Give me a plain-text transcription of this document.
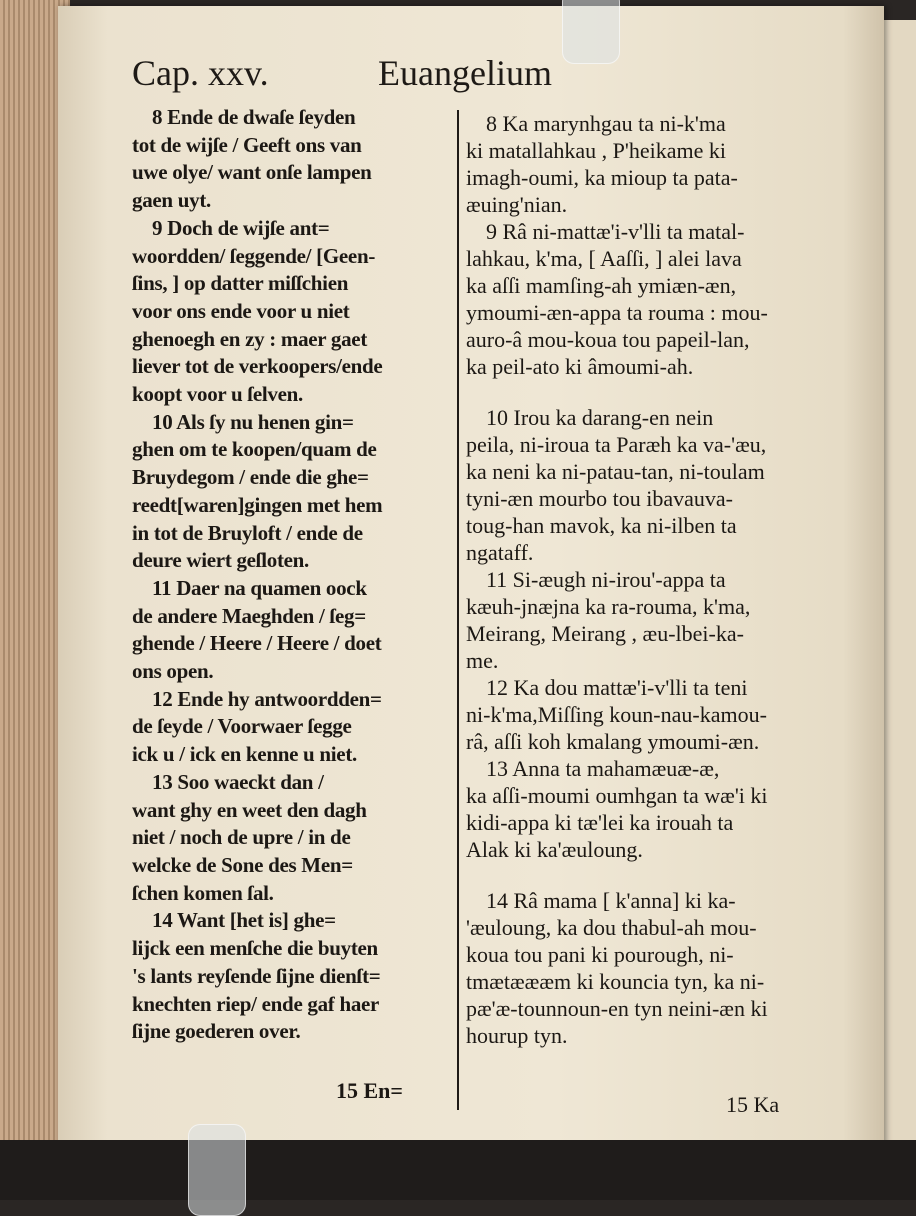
Cap. xxv.	Euangelium
8 Ende de dwaſe ſeyden
tot de wijſe / Geeft ons van
uwe olye/ want onſe lampen
gaen uyt.
9 Doch de wijſe ant=
woordden/ ſeggende/ [Geen-
ſins, ] op datter miſſchien
voor ons ende voor u niet
ghenoegh en zy : maer gaet
liever tot de verkoopers/ende
koopt voor u ſelven.
10 Als ſy nu henen gin=
ghen om te koopen/quam de
Bruydegom / ende die ghe=
reedt[waren]gingen met hem
in tot de Bruyloft / ende de
deure wiert geſloten.
11 Daer na quamen oock
de andere Maeghden / ſeg=
ghende / Heere / Heere / doet
ons open.
12 Ende hy antwoordden=
de ſeyde / Voorwaer ſegge
ick u / ick en kenne u niet.
13 Soo waeckt dan /
want ghy en weet den dagh
niet / noch de upre / in de
welcke de Sone des Men=
ſchen komen ſal.
14 Want [het is] ghe=
lijck een menſche die buyten
's lants reyſende ſijne dienſt=
knechten riep/ ende gaf haer
ſijne goederen over.
8 Ka marynhgau ta ni-k'ma
ki matallahkau , P'heikame ki
imagh-oumi, ka mioup ta pata-
æuing'nian.
9 Râ ni-mattæ'i-v'lli ta matal-
lahkau, k'ma, [ Aaſſi, ] alei lava
ka aſſi mamſing-ah ymiæn-æn,
ymoumi-æn-appa ta rouma : mou-
auro-â mou-koua tou papeil-lan,
ka peil-ato ki âmoumi-ah.
10 Irou ka darang-en nein
peila, ni-iroua ta Paræh ka va-'æu,
ka neni ka ni-patau-tan, ni-toulam
tyni-æn mourbo tou ibavauva-
toug-han mavok, ka ni-ilben ta
ngataff.
11 Si-æugh ni-irou'-appa ta
kæuh-jnæjna ka ra-rouma, k'ma,
Meirang, Meirang , æu-lbei-ka-
me.
12 Ka dou mattæ'i-v'lli ta teni
ni-k'ma,Miſſing koun-nau-kamou-
râ, aſſi koh kmalang ymoumi-æn.
13 Anna ta mahamæuæ-æ,
ka aſſi-moumi oumhgan ta wæ'i ki
kidi-appa ki tæ'lei ka irouah ta
Alak ki ka'æuloung.
14 Râ mama [ k'anna] ki ka-
'æuloung, ka dou thabul-ah mou-
koua tou pani ki pourough, ni-
tmætæææm ki kouncia tyn, ka ni-
pæ'æ-tounnoun-en tyn neini-æn ki
hourup tyn.
15 En=
15 Ka
